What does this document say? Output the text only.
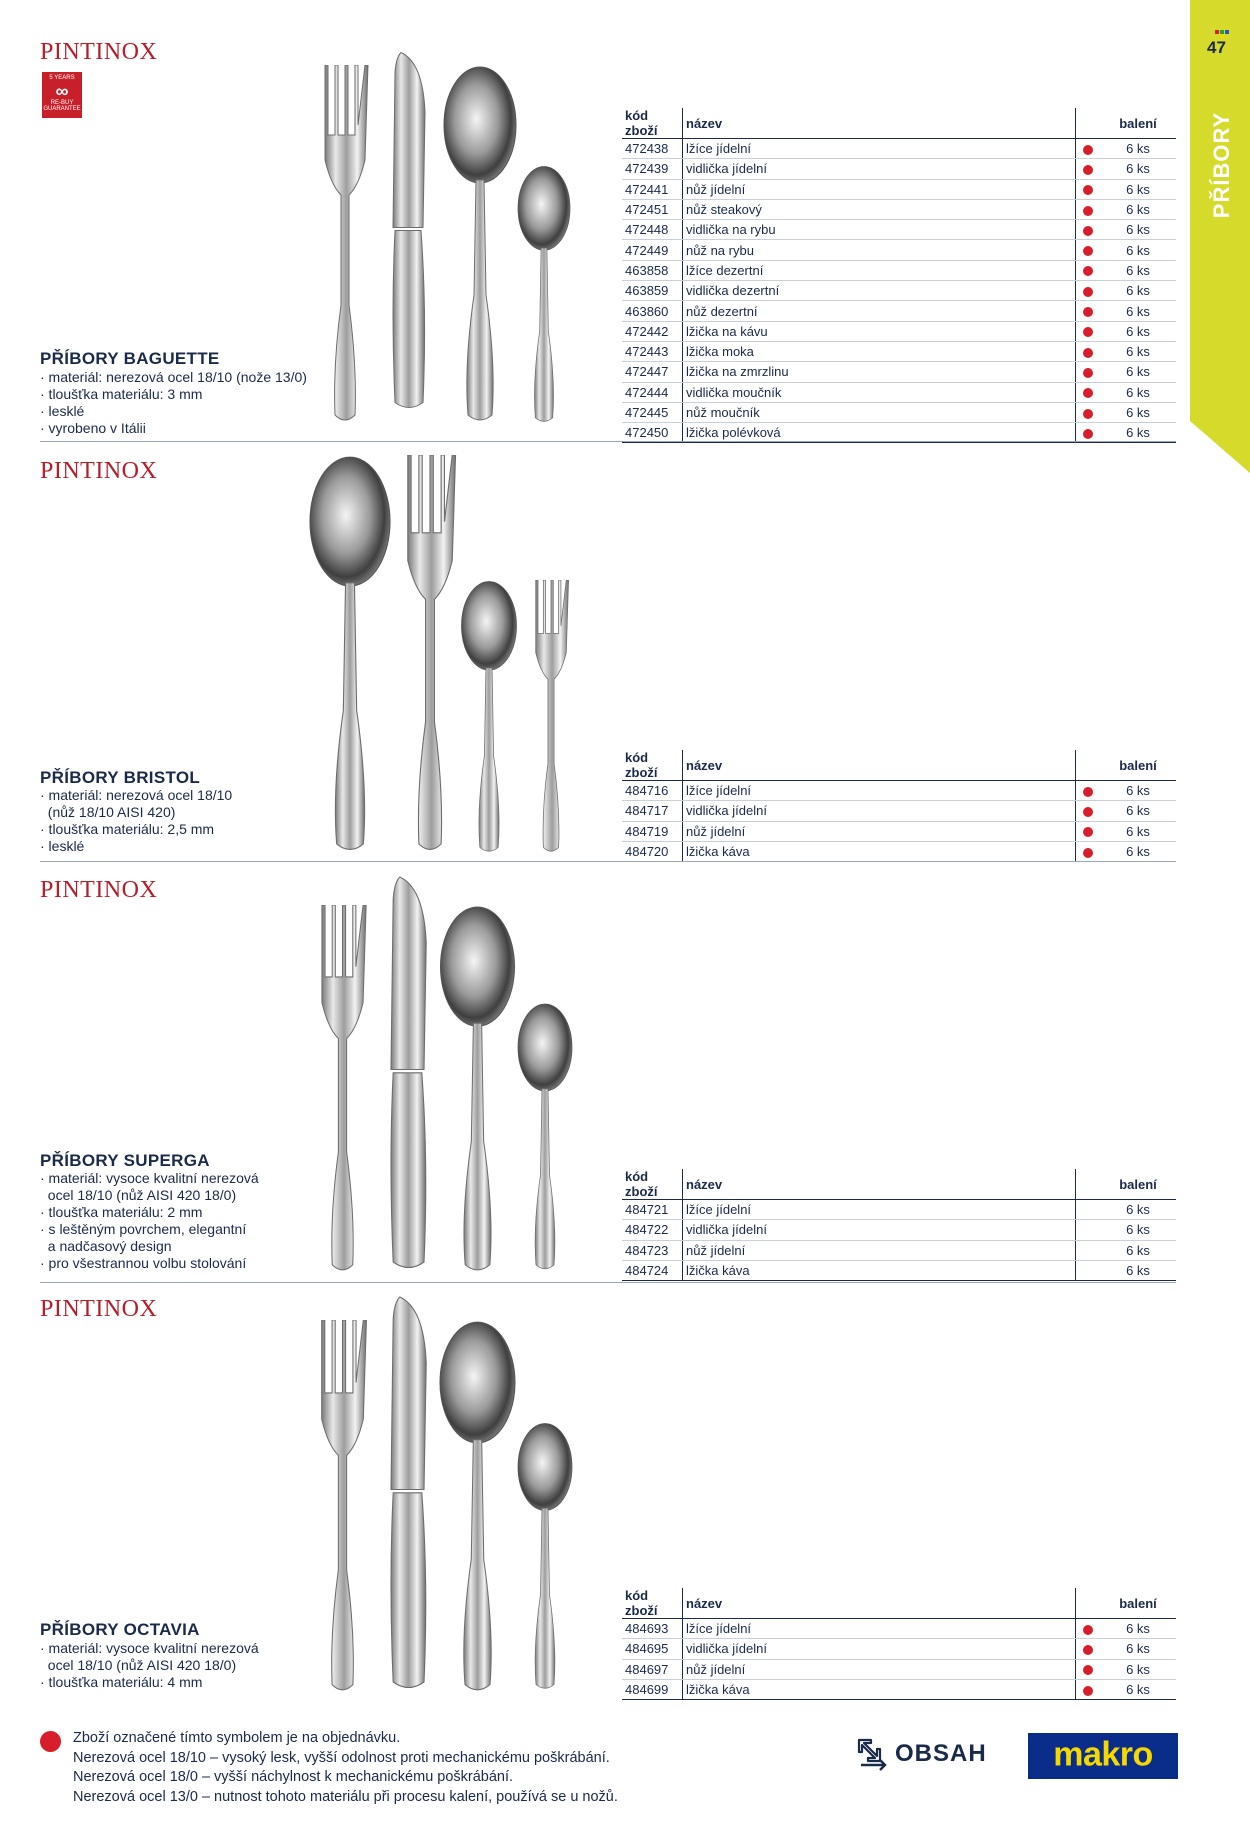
47
PŘÍBORY
PINTINOX
5 YEARS
∞
RE-BUY
GUARANTEE
PŘÍBORY BAGUETTE
· materiál: nerezová ocel 18/10 (nože 13/0)
· tloušťka materiálu: 3 mm
· lesklé
· vyrobeno v Itálii
kód zboží	název		balení
472438	lžíce jídelní		6 ks
472439	vidlička jídelní		6 ks
472441	nůž jídelní		6 ks
472451	nůž steakový		6 ks
472448	vidlička na rybu		6 ks
472449	nůž na rybu		6 ks
463858	lžíce dezertní		6 ks
463859	vidlička dezertní		6 ks
463860	nůž dezertní		6 ks
472442	lžička na kávu		6 ks
472443	lžička moka		6 ks
472447	lžička na zmrzlinu		6 ks
472444	vidlička moučník		6 ks
472445	nůž moučník		6 ks
472450	lžička polévková		6 ks
PINTINOX
PŘÍBORY BRISTOL
· materiál: nerezová ocel 18/10
(nůž 18/10 AISI 420)
· tloušťka materiálu: 2,5 mm
· lesklé
kód zboží	název		balení
484716	lžíce jídelní		6 ks
484717	vidlička jídelní		6 ks
484719	nůž jídelní		6 ks
484720	lžička káva		6 ks
PINTINOX
PŘÍBORY SUPERGA
· materiál: vysoce kvalitní nerezová
ocel 18/10 (nůž AISI 420 18/0)
· tloušťka materiálu: 2 mm
· s leštěným povrchem, elegantní
a nadčasový design
· pro všestrannou volbu stolování
kód zboží	název		balení
484721	lžíce jídelní		6 ks
484722	vidlička jídelní		6 ks
484723	nůž jídelní		6 ks
484724	lžička káva		6 ks
PINTINOX
PŘÍBORY OCTAVIA
· materiál: vysoce kvalitní nerezová
ocel 18/10 (nůž AISI 420 18/0)
· tloušťka materiálu: 4 mm
kód zboží	název		balení
484693	lžíce jídelní		6 ks
484695	vidlička jídelní		6 ks
484697	nůž jídelní		6 ks
484699	lžička káva		6 ks
Zboží označené tímto symbolem je na objednávku.
Nerezová ocel 18/10 – vysoký lesk, vyšší odolnost proti mechanickému poškrábání.
Nerezová ocel 18/0 – vyšší náchylnost k mechanickému poškrábání.
Nerezová ocel 13/0 – nutnost tohoto materiálu při procesu kalení, používá se u nožů.
OBSAH	makro
